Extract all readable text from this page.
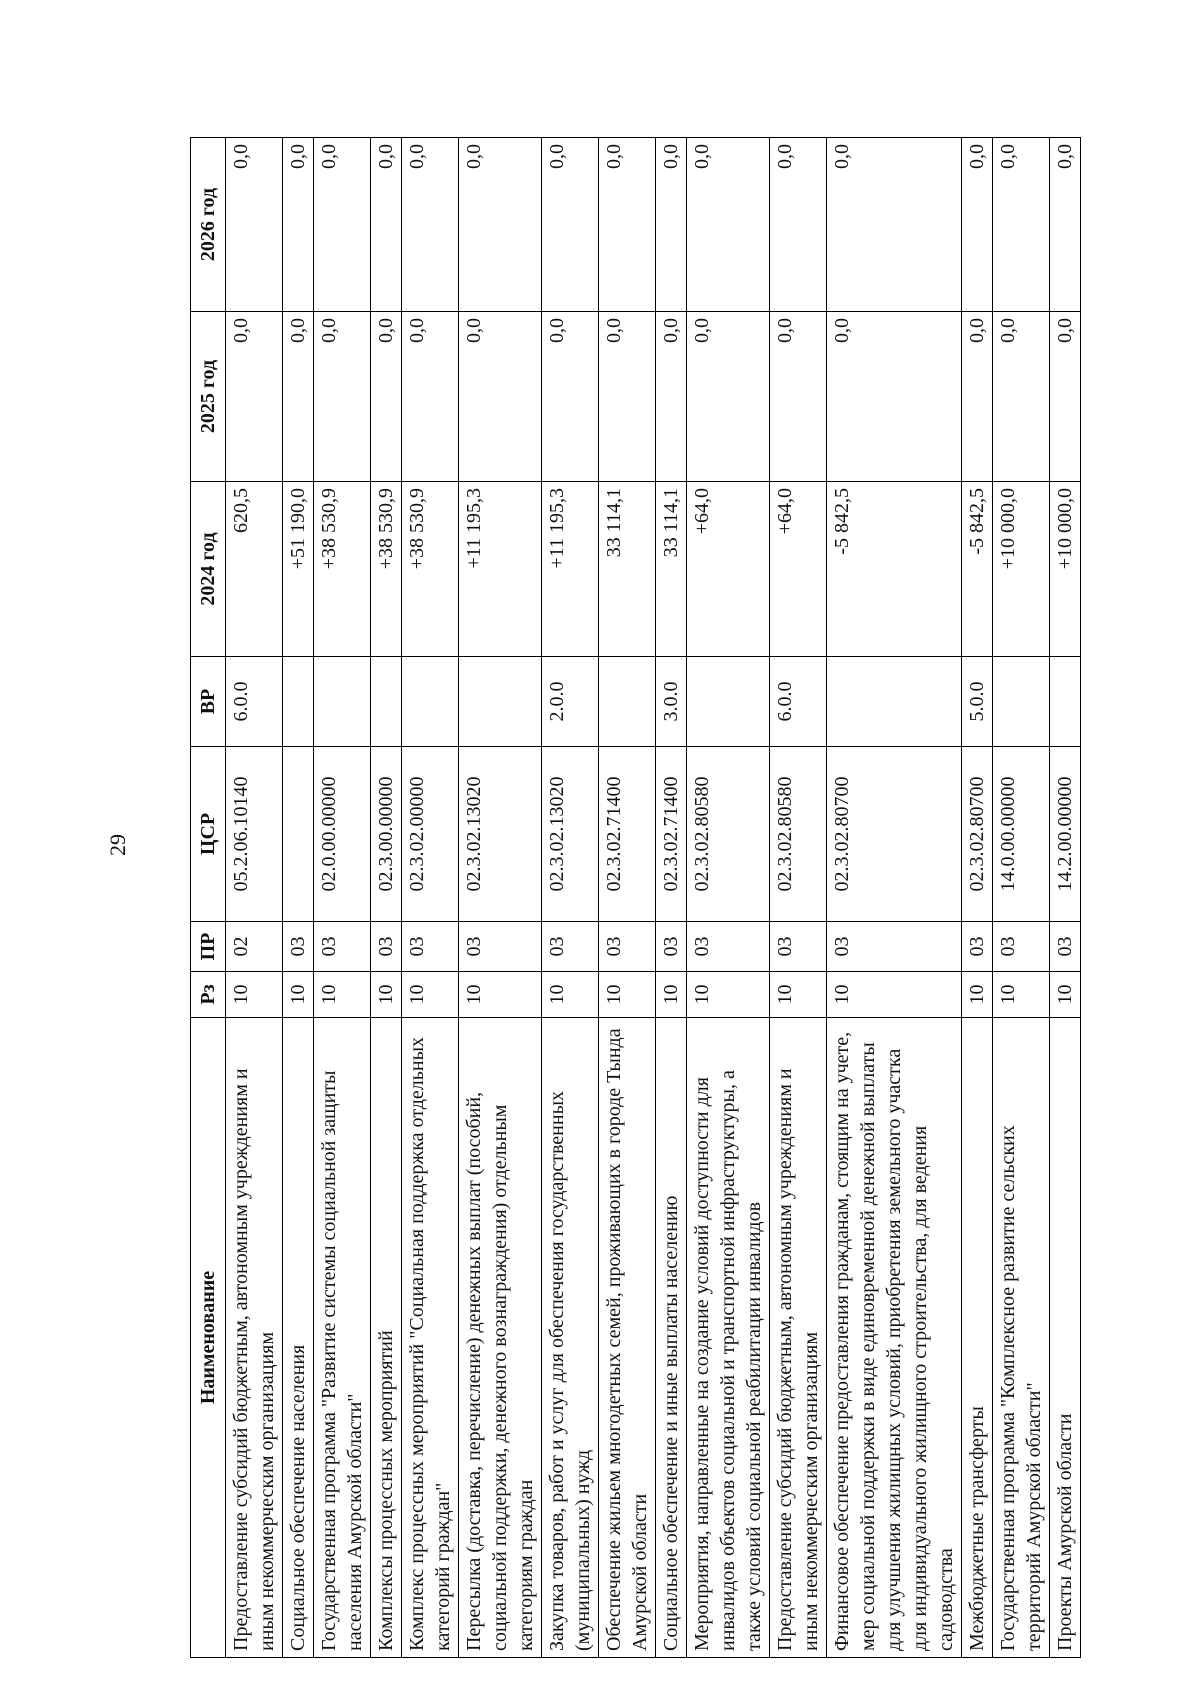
29
Наименование	Рз	ПР	ЦСР	ВР	2024 год	2025 год	2026 год
Предоставление субсидий бюджетным, автономным учреждениям и иным некоммерческим организациям	10	02	05.2.06.10140	6.0.0	620,5	0,0	0,0
Социальное обеспечение населения	10	03			+51 190,0	0,0	0,0
Государственная программа "Развитие системы социальной защиты населения Амурской области"	10	03	02.0.00.00000		+38 530,9	0,0	0,0
Комплексы процессных мероприятий	10	03	02.3.00.00000		+38 530,9	0,0	0,0
Комплекс процессных мероприятий "Социальная поддержка отдельных категорий граждан"	10	03	02.3.02.00000		+38 530,9	0,0	0,0
Пересылка (доставка, перечисление) денежных выплат (пособий, социальной поддержки, денежного вознаграждения) отдельным категориям граждан	10	03	02.3.02.13020		+11 195,3	0,0	0,0
Закупка товаров, работ и услуг для обеспечения государственных (муниципальных) нужд	10	03	02.3.02.13020	2.0.0	+11 195,3	0,0	0,0
Обеспечение жильем многодетных семей, проживающих в городе Тында Амурской области	10	03	02.3.02.71400		33 114,1	0,0	0,0
Социальное обеспечение и иные выплаты населению	10	03	02.3.02.71400	3.0.0	33 114,1	0,0	0,0
Мероприятия, направленные на создание условий доступности для инвалидов объектов социальной и транспортной инфраструктуры, а также условий социальной реабилитации инвалидов	10	03	02.3.02.80580		+64,0	0,0	0,0
Предоставление субсидий бюджетным, автономным учреждениям и иным некоммерческим организациям	10	03	02.3.02.80580	6.0.0	+64,0	0,0	0,0
Финансовое обеспечение предоставления гражданам, стоящим на учете, мер социальной поддержки в виде единовременной денежной выплаты для улучшения жилищных условий, приобретения земельного участка для индивидуального жилищного строительства, для ведения садоводства	10	03	02.3.02.80700		-5 842,5	0,0	0,0
Межбюджетные трансферты	10	03	02.3.02.80700	5.0.0	-5 842,5	0,0	0,0
Государственная программа "Комплексное развитие сельских территорий Амурской области"	10	03	14.0.00.00000		+10 000,0	0,0	0,0
Проекты Амурской области	10	03	14.2.00.00000		+10 000,0	0,0	0,0
